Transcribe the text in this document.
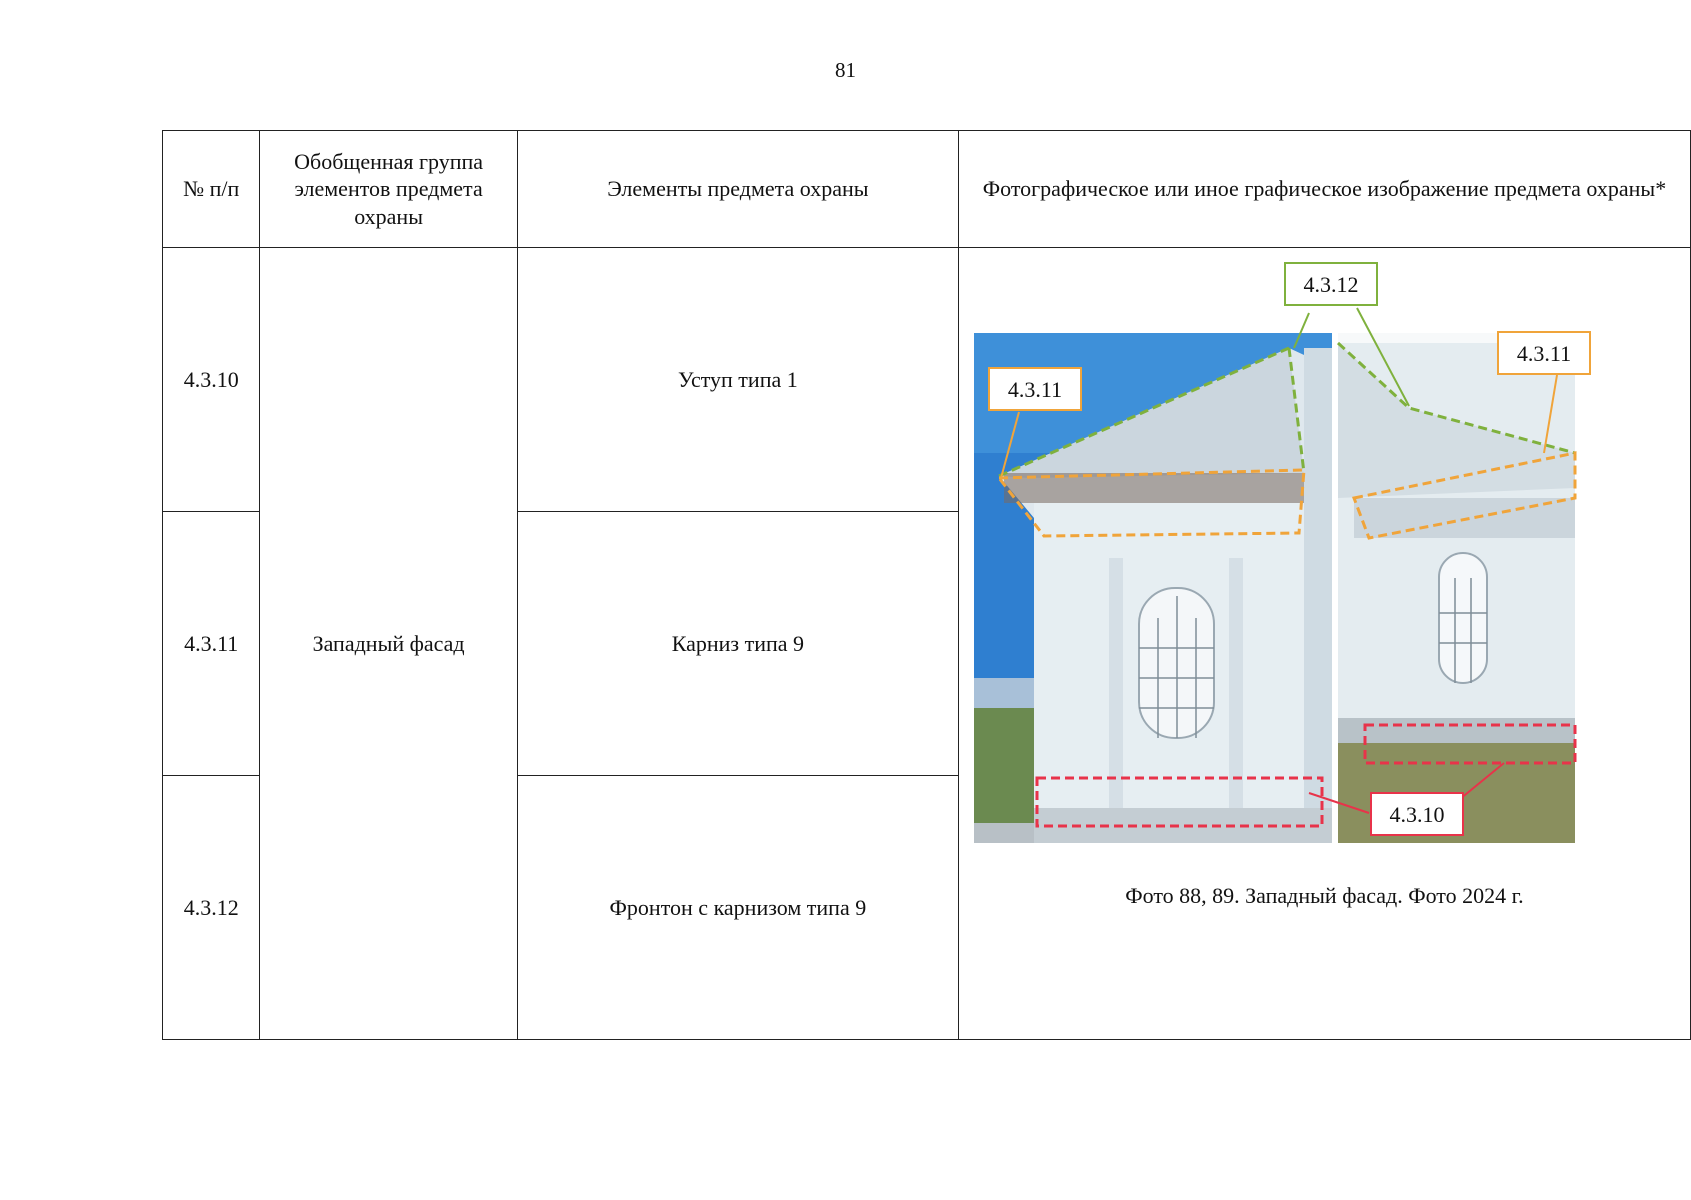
81
№ п/п	Обобщенная группа элементов предмета охраны	Элементы предмета охраны	Фотографическое или иное графическое изображение предмета охраны*
4.3.10	Западный фасад	Уступ типа 1	4.3.12
4.3.11
4.3.11
4.3.10
Фото 88, 89. Западный фасад. Фото 2024 г.

4.3.11		Карниз типа 9	
4.3.12		Фронтон с карнизом типа 9	
